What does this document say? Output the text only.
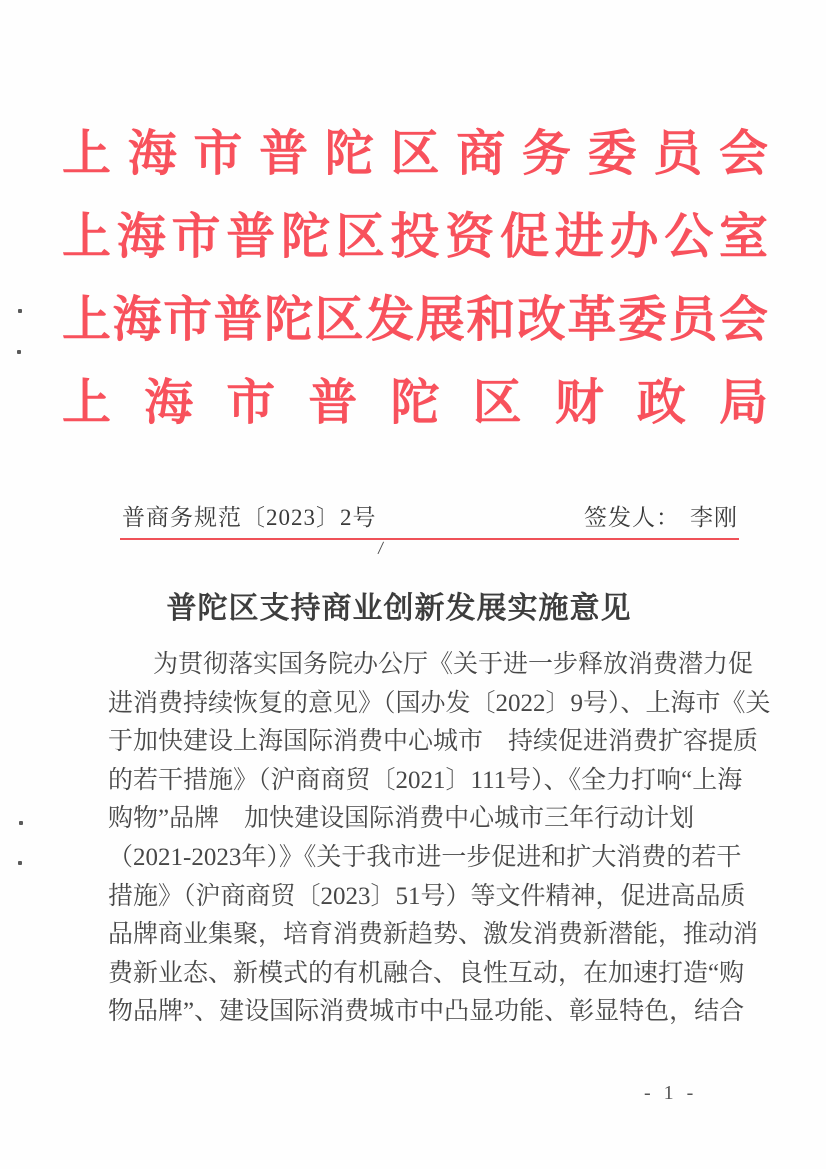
上海市普陀区商务委员会
上海市普陀区投资促进办公室
上海市普陀区发展和改革委员会
上海市普陀区财政局
普商务规范〔2023〕2号	签发人： 李刚
/
普陀区支持商业创新发展实施意见
为贯彻落实国务院办公厅《关于进一步释放消费潜力促
进消费持续恢复的意见》（国办发〔2022〕9号）、上海市《关
于加快建设上海国际消费中心城市　持续促进消费扩容提质
的若干措施》（沪商商贸〔2021〕111号）、《全力打响“上海
购物”品牌　加快建设国际消费中心城市三年行动计划
（2021-2023年）》《关于我市进一步促进和扩大消费的若干
措施》（沪商商贸〔2023〕51号）等文件精神，促进高品质
品牌商业集聚，培育消费新趋势、激发消费新潜能，推动消
费新业态、新模式的有机融合、良性互动，在加速打造“购
物品牌”、建设国际消费城市中凸显功能、彰显特色，结合
- 1 -
